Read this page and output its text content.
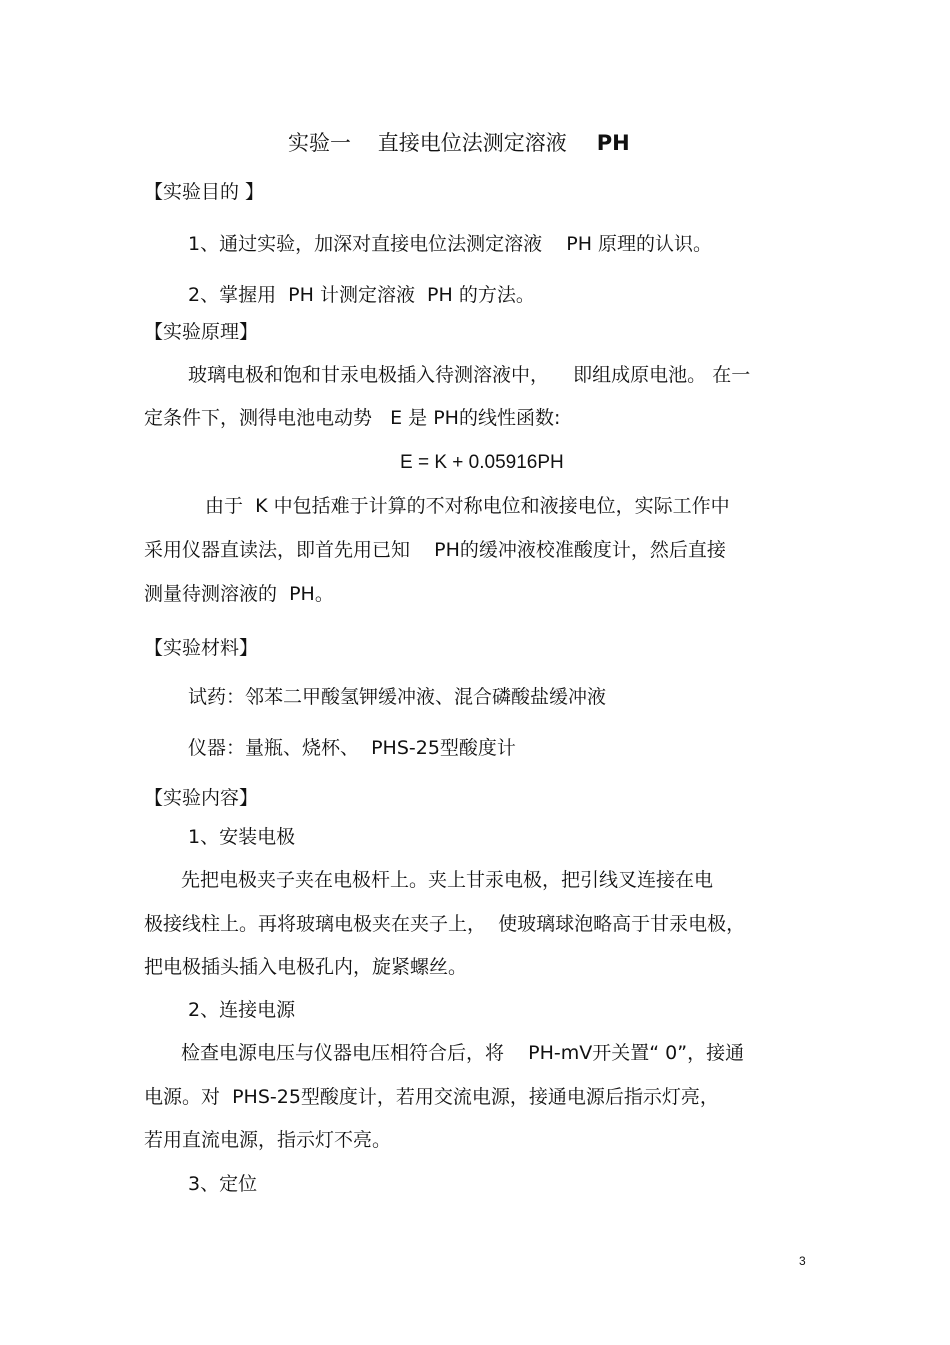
实验一    直接电位法测定溶液 PH
【实验目的 】
1、通过实验，加深对直接电位法测定溶液    PH 原理的认识。
2、掌握用  PH 计测定溶液  PH 的方法。
【实验原理】
玻璃电极和饱和甘汞电极插入待测溶液中，    即组成原电池。 在一
定条件下，测得电池电动势   E 是 PH的线性函数:
E = K + 0.05916PH
由于  K 中包括难于计算的不对称电位和液接电位，实际工作中
采用仪器直读法，即首先用已知    PH的缓冲液校准酸度计，然后直接
测量待测溶液的  PH。
【实验材料】
试药：邻苯二甲酸氢钾缓冲液、混合磷酸盐缓冲液
仪器：量瓶、烧杯、  PHS-25型酸度计
【实验内容】
1、安装电极
先把电极夹子夹在电极杆上。夹上甘汞电极，把引线叉连接在电
极接线柱上。再将玻璃电极夹在夹子上，  使玻璃球泡略高于甘汞电极，
把电极插头插入电极孔内，旋紧螺丝。
2、连接电源
检查电源电压与仪器电压相符合后，将    PH-mV开关置“ 0”，接通
电源。对  PHS-25型酸度计，若用交流电源，接通电源后指示灯亮，
若用直流电源，指示灯不亮。
3、定位
3
